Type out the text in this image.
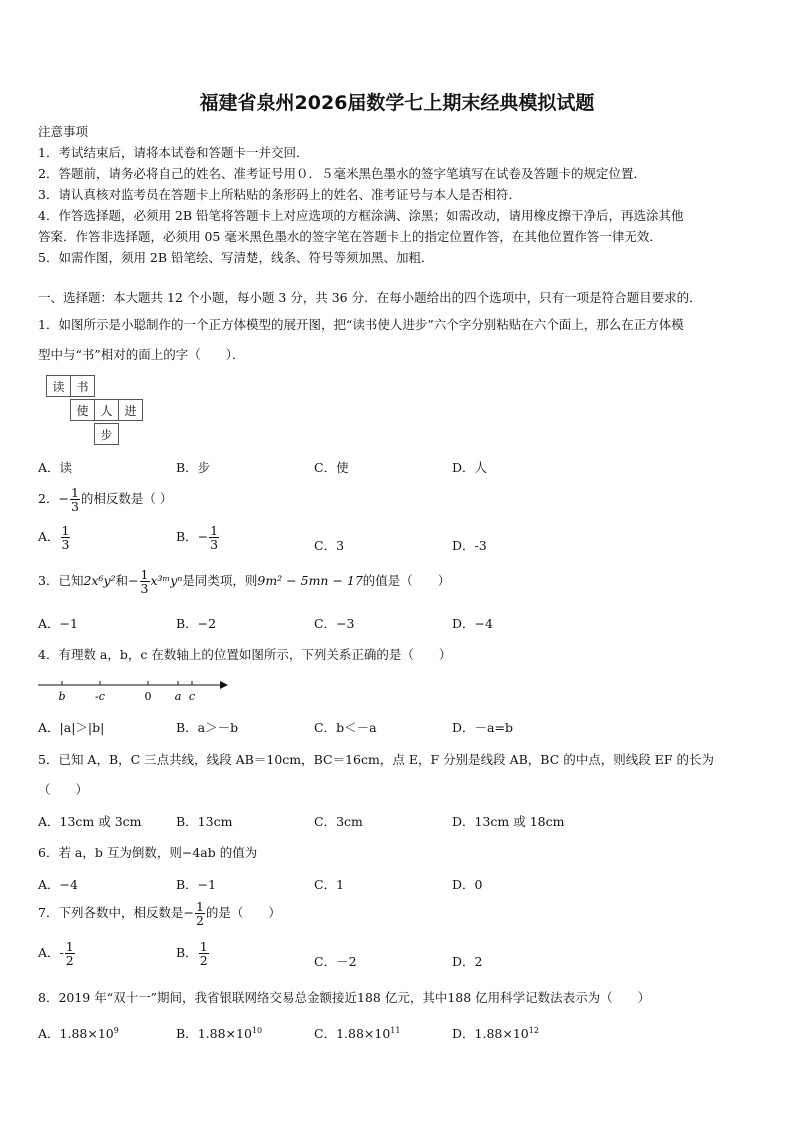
福建省泉州2026届数学七上期末经典模拟试题
注意事项
1．考试结束后，请将本试卷和答题卡一并交回．
2．答题前，请务必将自己的姓名、准考证号用０．５毫米黑色墨水的签字笔填写在试卷及答题卡的规定位置．
3．请认真核对监考员在答题卡上所粘贴的条形码上的姓名、准考证号与本人是否相符．
4．作答选择题，必须用 2B 铅笔将答题卡上对应选项的方框涂满、涂黑；如需改动，请用橡皮擦干净后，再选涂其他
答案．作答非选择题，必须用 05 毫米黑色墨水的签字笔在答题卡上的指定位置作答，在其他位置作答一律无效．
5．如需作图，须用 2B 铅笔绘、写清楚，线条、符号等须加黑、加粗．
一、选择题：本大题共 12 个小题，每小题 3 分，共 36 分．在每小题给出的四个选项中，只有一项是符合题目要求的．
1．如图所示是小聪制作的一个正方体模型的展开图，把“读书使人进步”六个字分别粘贴在六个面上，那么在正方体模
型中与“书”相对的面上的字（　　）．
读 书
使 人 进
步
A．读	B．步	C．使	D．人
2．− $\frac{1}{3}$ 的相反数是（ ）
A． $\frac{1}{3}$	B．− $\frac{1}{3}$	C．3	D．-3
3．已知2x⁶y²和− $\frac{1}{3}$ x³ᵐyⁿ是同类项，则9m² − 5mn − 17的值是（　　）
A．−1	B．−2	C．−3	D．−4
4．有理数 a，b，c 在数轴上的位置如图所示，下列关系正确的是（　　）
b	-c	0 a c
A．|a|＞|b|	B．a＞－b	C．b＜－a	D．－a=b
5．已知 A，B，C 三点共线，线段 AB＝10cm，BC＝16cm，点 E，F 分别是线段 AB，BC 的中点，则线段 EF 的长为
（　　）
A．13cm 或 3cm	B．13cm	C．3cm	D．13cm 或 18cm
6．若 a，b 互为倒数，则−4ab 的值为
A．−4	B．−1	C．1	D．0
7．下列各数中，相反数是− $\frac{1}{2}$ 的是（　　）
A．- $\frac{1}{2}$	B． $\frac{1}{2}$	C．－2	D．2
8．2019 年“双十一”期间，我省银联网络交易总金额接近188 亿元，其中188 亿用科学记数法表示为（　　）
A．$1.88\times 10^9$	B．$1.88\times 10^{10}$	C．$1.88\times 10^{11}$	D．$1.88\times 10^{12}$
